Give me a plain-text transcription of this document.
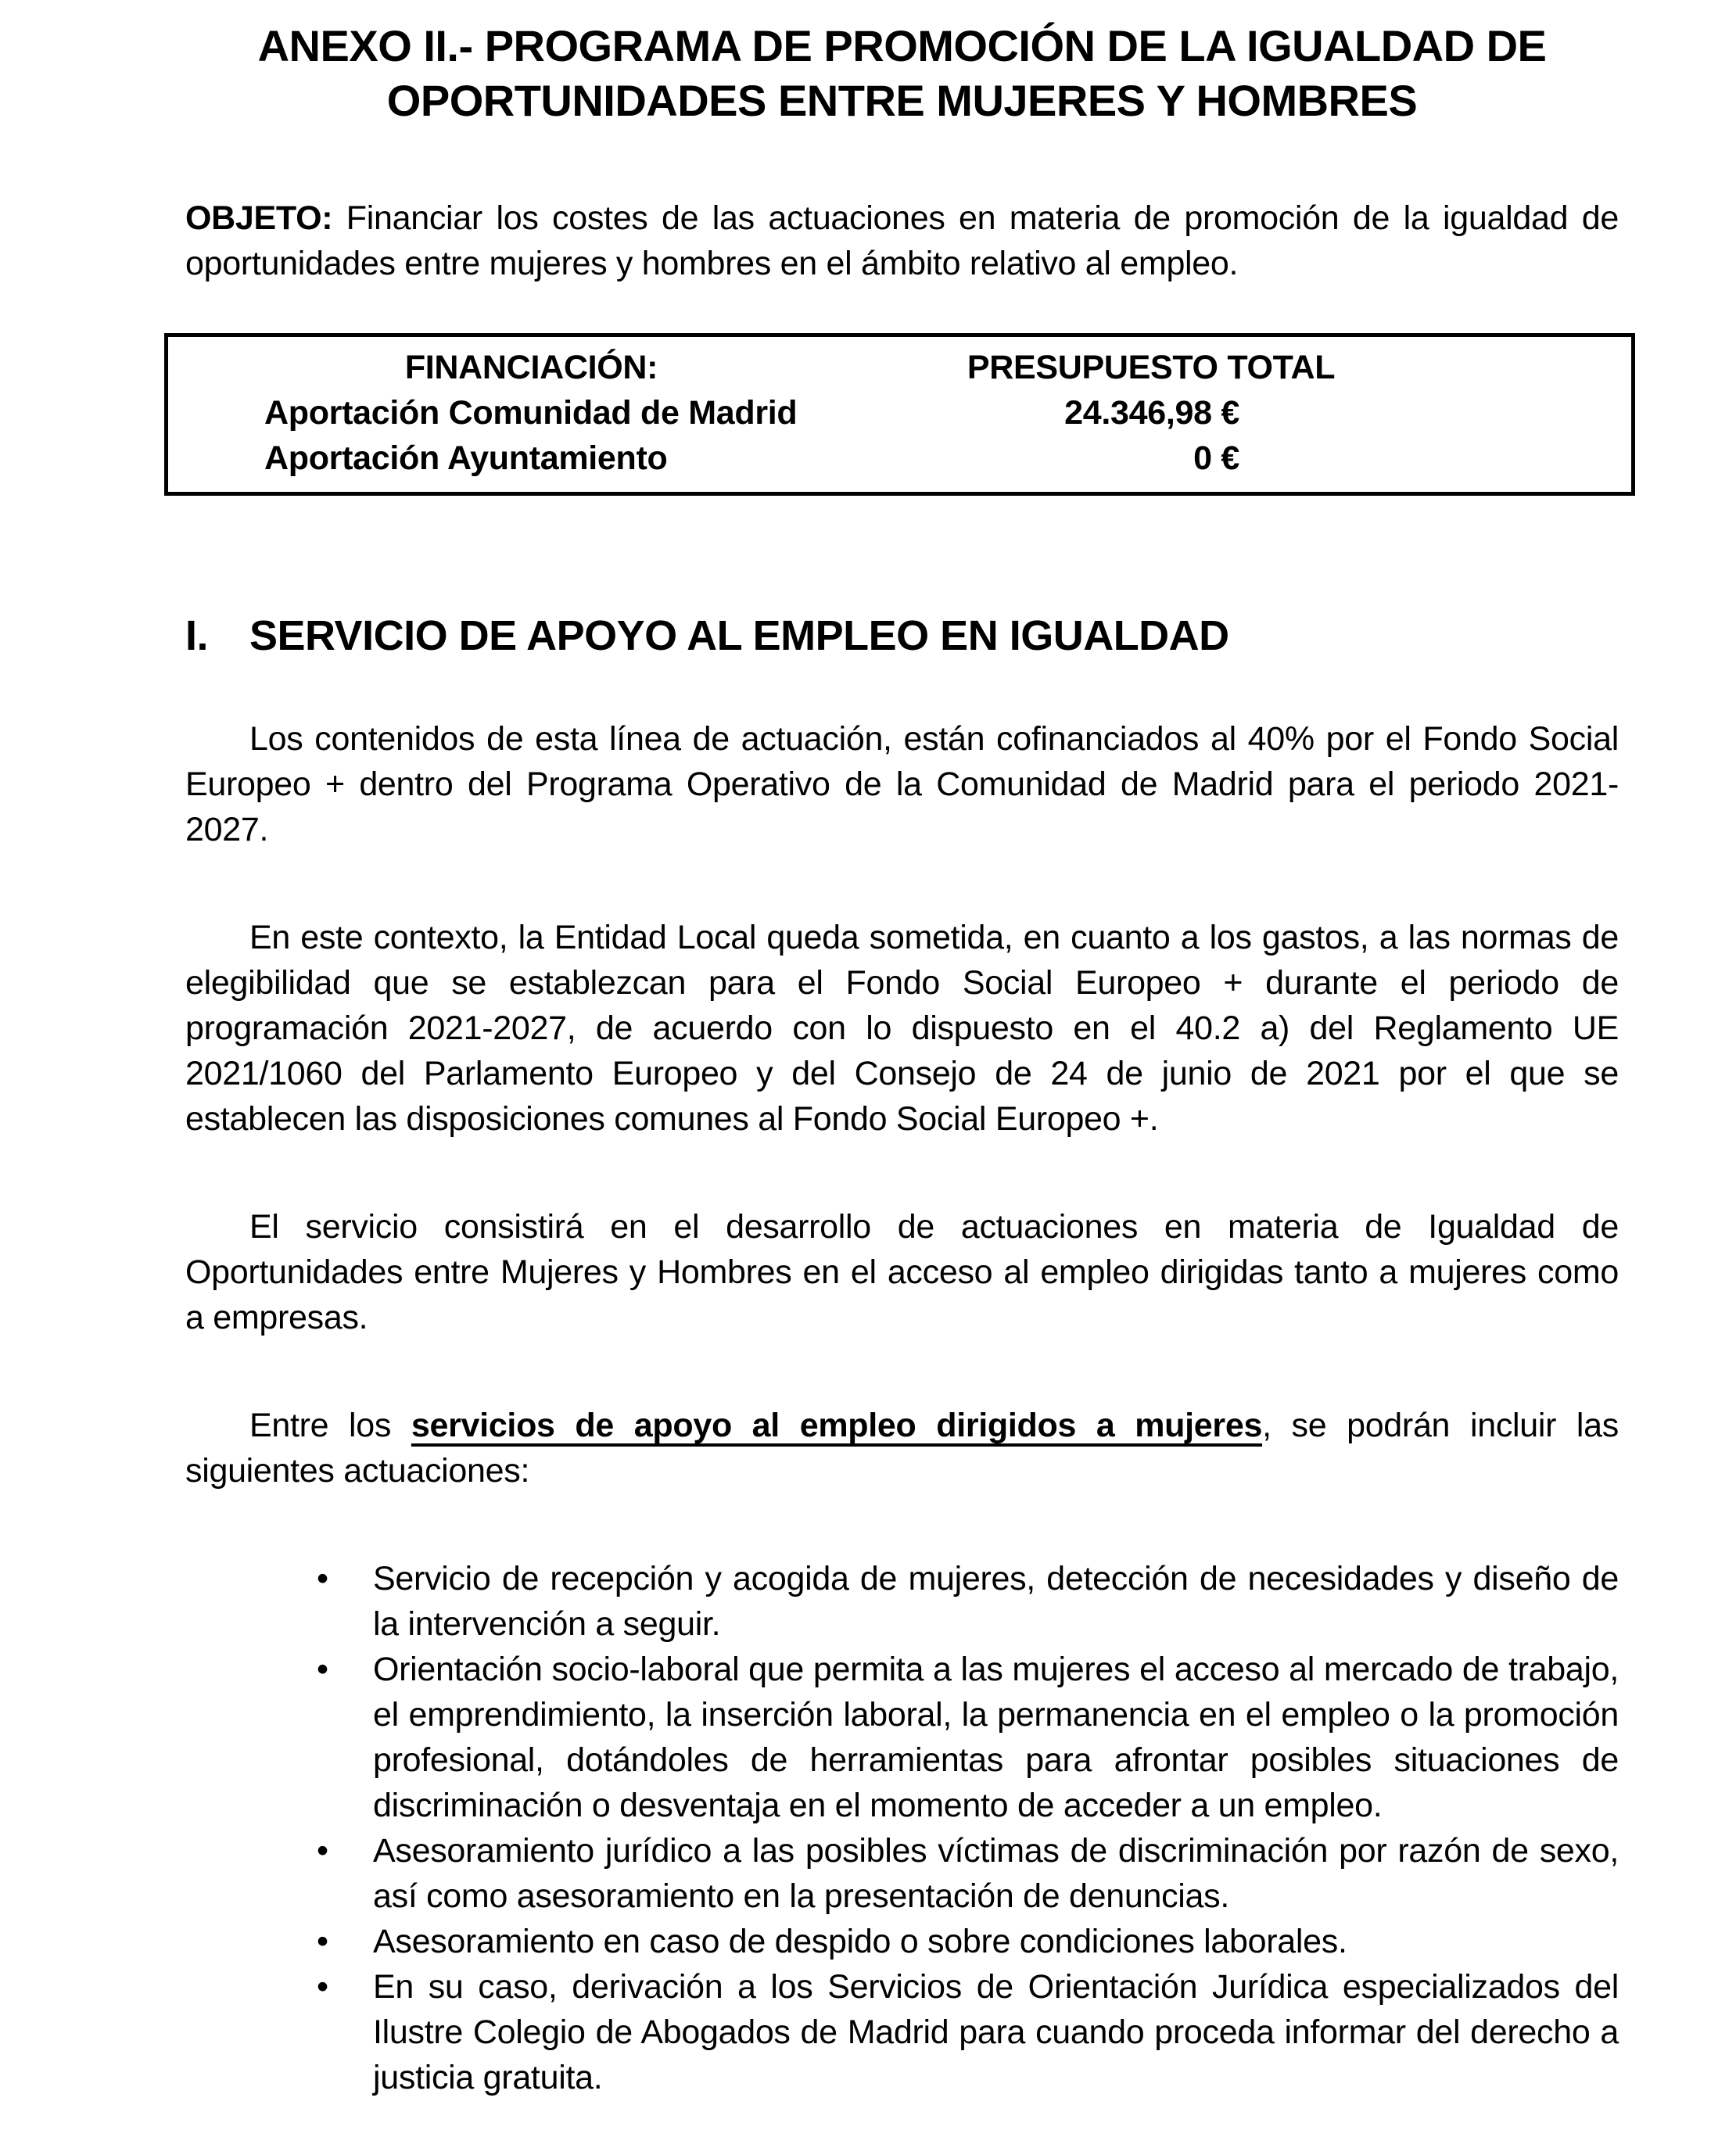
ANEXO II.- PROGRAMA DE PROMOCIÓN DE LA IGUALDAD DE
OPORTUNIDADES ENTRE MUJERES Y HOMBRES

OBJETO: Financiar los costes de las actuaciones en materia de promoción de la igualdad de oportunidades entre mujeres y hombres en el ámbito relativo al empleo.

FINANCIACIÓN:	PRESUPUESTO TOTAL
Aportación Comunidad de Madrid	24.346,98 €
Aportación Ayuntamiento	0 €
I. SERVICIO DE APOYO AL EMPLEO EN IGUALDAD

Los contenidos de esta línea de actuación, están cofinanciados al 40% por el Fondo Social Europeo + dentro del Programa Operativo de la Comunidad de Madrid para el periodo 2021-2027.

En este contexto, la Entidad Local queda sometida, en cuanto a los gastos, a las normas de elegibilidad que se establezcan para el Fondo Social Europeo + durante el periodo de programación 2021-2027, de acuerdo con lo dispuesto en el 40.2 a) del Reglamento UE 2021/1060 del Parlamento Europeo y del Consejo de 24 de junio de 2021 por el que se establecen las disposiciones comunes al Fondo Social Europeo +.

El servicio consistirá en el desarrollo de actuaciones en materia de Igualdad de Oportunidades entre Mujeres y Hombres en el acceso al empleo dirigidas tanto a mujeres como a empresas.

Entre los servicios de apoyo al empleo dirigidos a mujeres, se podrán incluir las siguientes actuaciones:

• Servicio de recepción y acogida de mujeres, detección de necesidades y diseño de la intervención a seguir.
• Orientación socio-laboral que permita a las mujeres el acceso al mercado de trabajo, el emprendimiento, la inserción laboral, la permanencia en el empleo o la promoción profesional, dotándoles de herramientas para afrontar posibles situaciones de discriminación o desventaja en el momento de acceder a un empleo.
• Asesoramiento jurídico a las posibles víctimas de discriminación por razón de sexo, así como asesoramiento en la presentación de denuncias.
• Asesoramiento en caso de despido o sobre condiciones laborales.
• En su caso, derivación a los Servicios de Orientación Jurídica especializados del Ilustre Colegio de Abogados de Madrid para cuando proceda informar del derecho a justicia gratuita.
